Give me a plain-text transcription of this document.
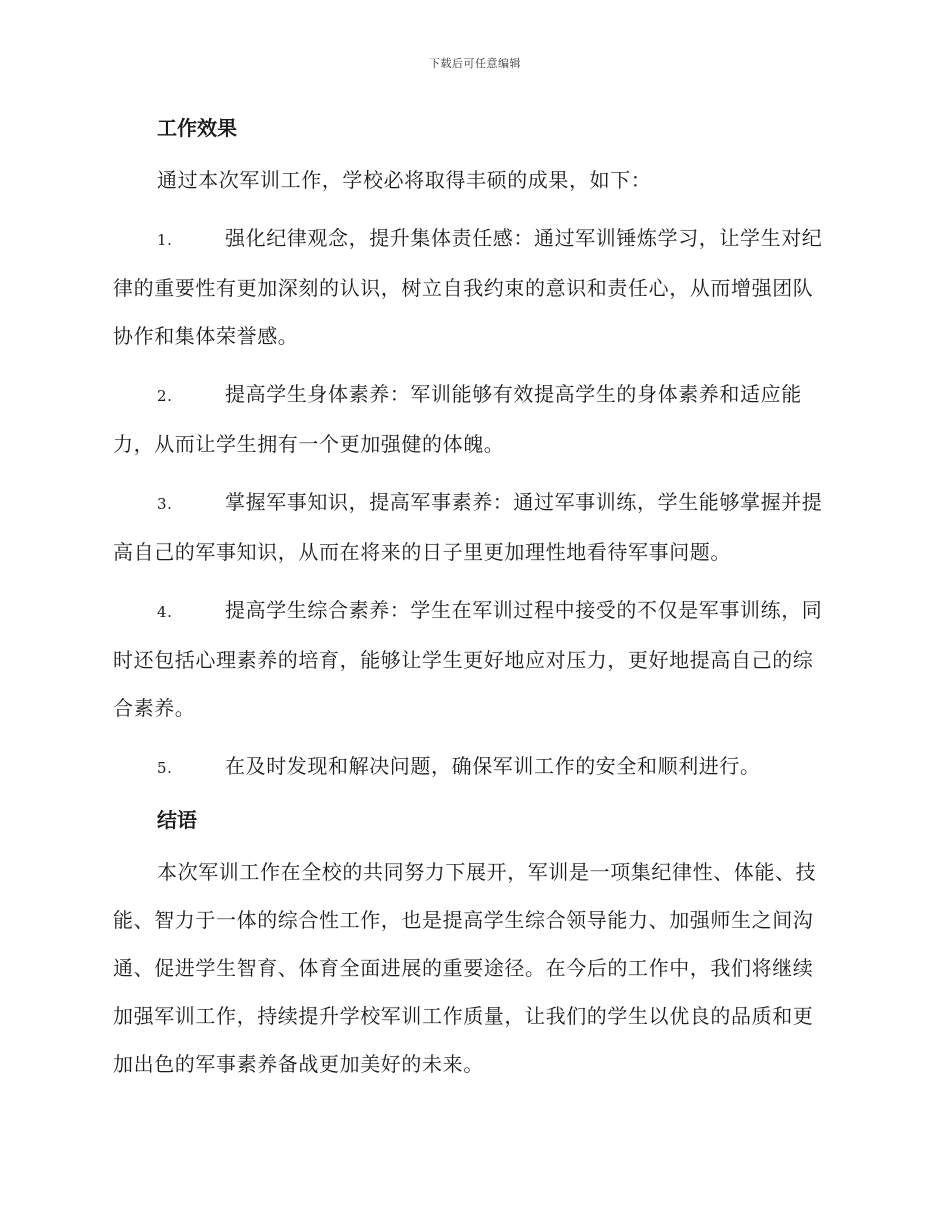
下载后可任意编辑
工作效果

通过本次军训工作，学校必将取得丰硕的成果，如下：

1.	强化纪律观念，提升集体责任感：通过军训锤炼学习，让学生对纪律的重要性有更加深刻的认识，树立自我约束的意识和责任心，从而增强团队协作和集体荣誉感。

2.	提高学生身体素养：军训能够有效提高学生的身体素养和适应能力，从而让学生拥有一个更加强健的体魄。

3.	掌握军事知识，提高军事素养：通过军事训练，学生能够掌握并提高自己的军事知识，从而在将来的日子里更加理性地看待军事问题。

4.	提高学生综合素养：学生在军训过程中接受的不仅是军事训练，同时还包括心理素养的培育，能够让学生更好地应对压力，更好地提高自己的综合素养。

5.	在及时发现和解决问题，确保军训工作的安全和顺利进行。

结语

本次军训工作在全校的共同努力下展开，军训是一项集纪律性、体能、技能、智力于一体的综合性工作，也是提高学生综合领导能力、加强师生之间沟通、促进学生智育、体育全面进展的重要途径。在今后的工作中，我们将继续加强军训工作，持续提升学校军训工作质量，让我们的学生以优良的品质和更加出色的军事素养备战更加美好的未来。
